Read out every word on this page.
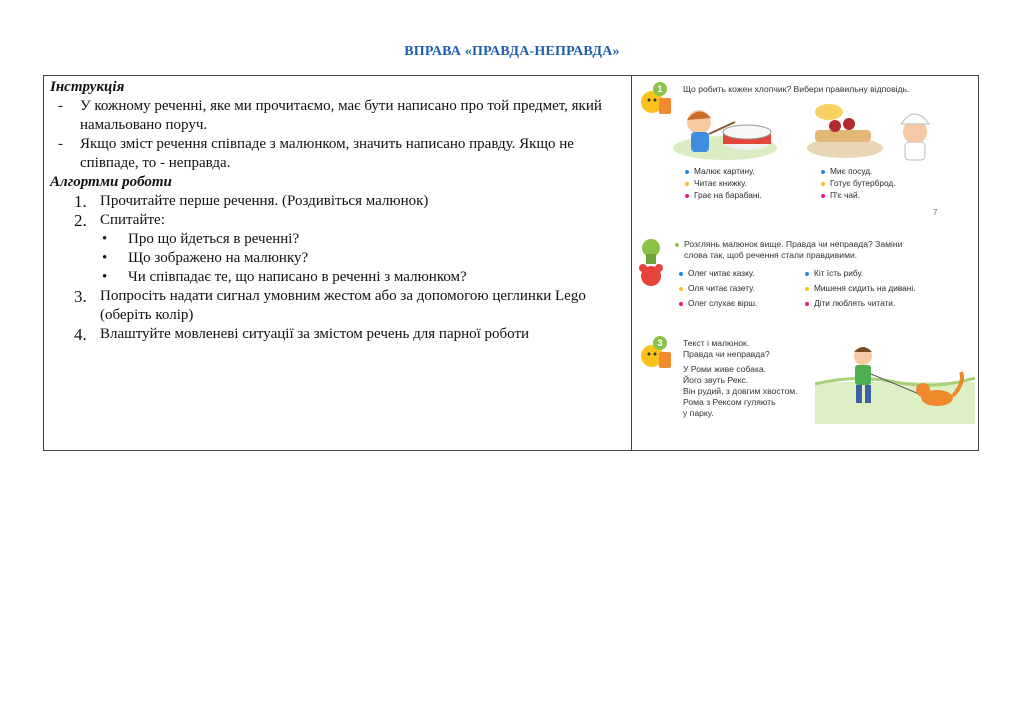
ВПРАВА «ПРАВДА-НЕПРАВДА»
Інструкція
-	У кожному реченні, яке ми прочитаємо, має бути написано про той предмет, який намальовано поруч.
-	Якщо зміст речення співпаде з малюнком, значить написано правду. Якщо не співпаде, то - неправда.
Алгортми роботи
1. Прочитайте перше речення. (Роздивіться малюнок)
2. Спитайте:
•	Про що йдеться в реченні?
•	Що зображено на малюнку?
•	Чи співпадає те, що написано в реченні з малюнком?
3. Попросіть надати сигнал умовним жестом або за допомогою цеглинки Lego (оберіть колір)
4. Влаштуйте мовленеві ситуації за змістом речень для парної роботи
1	Що робить кожен хлопчик? Вибери правильну відповідь.
Малює картину.
Читає книжку.
Грає на барабані.
Миє посуд.
Готує бутерброд.
П'є чай.
7
Розглянь малюнок вище. Правда чи неправда? Заміни
слова так, щоб речення стали правдивими.
Олег читає казку.
Оля читає газету.
Олег слухає вірш.
Кіт їсть рибу.
Мишеня сидить на дивані.
Діти люблять читати.
3	Текст і малюнок.
Правда чи неправда?
У Роми живе собака.
Його звуть Рекс.
Він рудий, з довгим хвостом.
Рома з Рексом гуляють
у парку.
